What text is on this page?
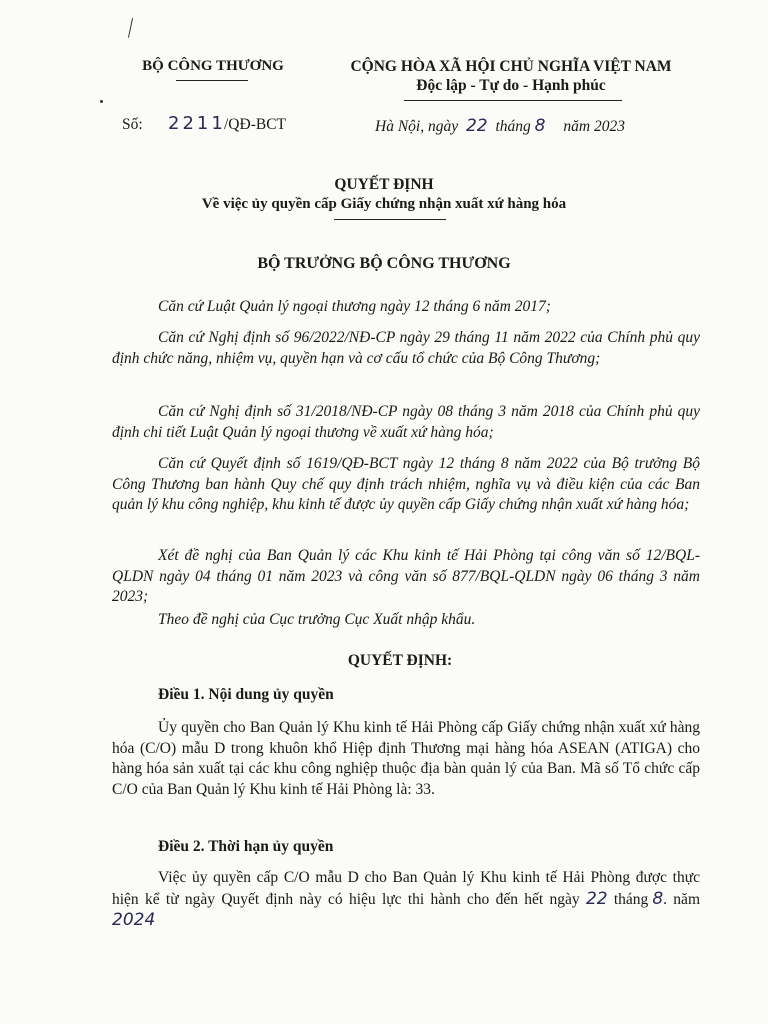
BỘ CÔNG THƯƠNG	CỘNG HÒA XÃ HỘI CHỦ NGHĨA VIỆT NAM
Độc lập - Tự do - Hạnh phúc
Số: 2211
/QĐ-BCT	Hà Nội, ngày 22 tháng 8 năm 2023
QUYẾT ĐỊNH
Về việc ủy quyền cấp Giấy chứng nhận xuất xứ hàng hóa
BỘ TRƯỞNG BỘ CÔNG THƯƠNG
Căn cứ Luật Quản lý ngoại thương ngày 12 tháng 6 năm 2017;
Căn cứ Nghị định số 96/2022/NĐ-CP ngày 29 tháng 11 năm 2022 của Chính phủ quy định chức năng, nhiệm vụ, quyền hạn và cơ cấu tổ chức của Bộ Công Thương;
Căn cứ Nghị định số 31/2018/NĐ-CP ngày 08 tháng 3 năm 2018 của Chính phủ quy định chi tiết Luật Quản lý ngoại thương về xuất xứ hàng hóa;
Căn cứ Quyết định số 1619/QĐ-BCT ngày 12 tháng 8 năm 2022 của Bộ trưởng Bộ Công Thương ban hành Quy chế quy định trách nhiệm, nghĩa vụ và điều kiện của các Ban quản lý khu công nghiệp, khu kinh tế được ủy quyền cấp Giấy chứng nhận xuất xứ hàng hóa;
Xét đề nghị của Ban Quản lý các Khu kinh tế Hải Phòng tại công văn số 12/BQL-QLDN ngày 04 tháng 01 năm 2023 và công văn số 877/BQL-QLDN ngày 06 tháng 3 năm 2023;
Theo đề nghị của Cục trưởng Cục Xuất nhập khẩu.
QUYẾT ĐỊNH:
Điều 1. Nội dung ủy quyền
Ủy quyền cho Ban Quản lý Khu kinh tế Hải Phòng cấp Giấy chứng nhận xuất xứ hàng hóa (C/O) mẫu D trong khuôn khổ Hiệp định Thương mại hàng hóa ASEAN (ATIGA) cho hàng hóa sản xuất tại các khu công nghiệp thuộc địa bàn quản lý của Ban. Mã số Tổ chức cấp C/O của Ban Quản lý Khu kinh tế Hải Phòng là: 33.
Điều 2. Thời hạn ủy quyền
Việc ủy quyền cấp C/O mẫu D cho Ban Quản lý Khu kinh tế Hải Phòng được thực hiện kể từ ngày Quyết định này có hiệu lực thi hành cho đến hết ngày 22 tháng 8. năm 2024
